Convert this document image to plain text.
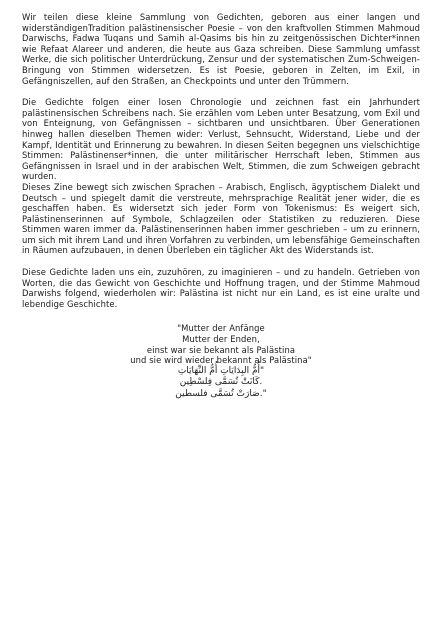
Wir teilen diese kleine Sammlung von Gedichten, geboren aus einer langen und widerständigenTradition palästinensischer Poesie – von den kraftvollen Stimmen Mahmoud Darwischs, Fadwa Tuqans und Samih al-Qasims bis hin zu zeitgenössischen Dichter*innen wie Refaat Alareer und anderen, die heute aus Gaza schreiben. Diese Sammlung umfasst Werke, die sich politischer Unterdrückung, Zensur und der systematischen Zum-Schweigen-Bringung von Stimmen widersetzen. Es ist Poesie, geboren in Zelten, im Exil, in Gefängniszellen, auf den Straßen, an Checkpoints und unter den Trümmern.

Die Gedichte folgen einer losen Chronologie und zeichnen fast ein Jahrhundert palästinensischen Schreibens nach. Sie erzählen vom Leben unter Besatzung, vom Exil und von Enteignung, von Gefängnissen – sichtbaren und unsichtbaren. Über Generationen hinweg hallen dieselben Themen wider: Verlust, Sehnsucht, Widerstand, Liebe und der Kampf, Identität und Erinnerung zu bewahren. In diesen Seiten begegnen uns vielschichtige Stimmen: Palästinenser*innen, die unter militärischer Herrschaft leben, Stimmen aus Gefängnissen in Israel und in der arabischen Welt, Stimmen, die zum Schweigen gebracht wurden.

Dieses Zine bewegt sich zwischen Sprachen – Arabisch, Englisch, ägyptischem Dialekt und Deutsch – und spiegelt damit die verstreute, mehrsprachige Realität jener wider, die es geschaffen haben. Es widersetzt sich jeder Form von Tokenismus: Es weigert sich, Palästinenserinnen auf Symbole, Schlagzeilen oder Statistiken zu reduzieren. Diese Stimmen waren immer da. Palästinenserinnen haben immer geschrieben – um zu erinnern, um sich mit ihrem Land und ihren Vorfahren zu verbinden, um lebensfähige Gemeinschaften in Räumen aufzubauen, in denen Überleben ein täglicher Akt des Widerstands ist.

Diese Gedichte laden uns ein, zuzuhören, zu imaginieren – und zu handeln. Getrieben von Worten, die das Gewicht von Geschichte und Hoffnung tragen, und der Stimme Mahmoud Darwishs folgend, wiederholen wir: Palästina ist nicht nur ein Land, es ist eine uralte und lebendige Geschichte.

"Mutter der Anfänge
Mutter der Enden,
einst war sie bekannt als Palästina
und sie wird wieder bekannt als Palästina"
"أُمُّ البِدَايَاتِ أُمُّ النِّهَايَاتِ
.كَانَتْ تُسَمَّى فِلسْطِين
".صَارَتْ تُسَمَّى فلسطين
